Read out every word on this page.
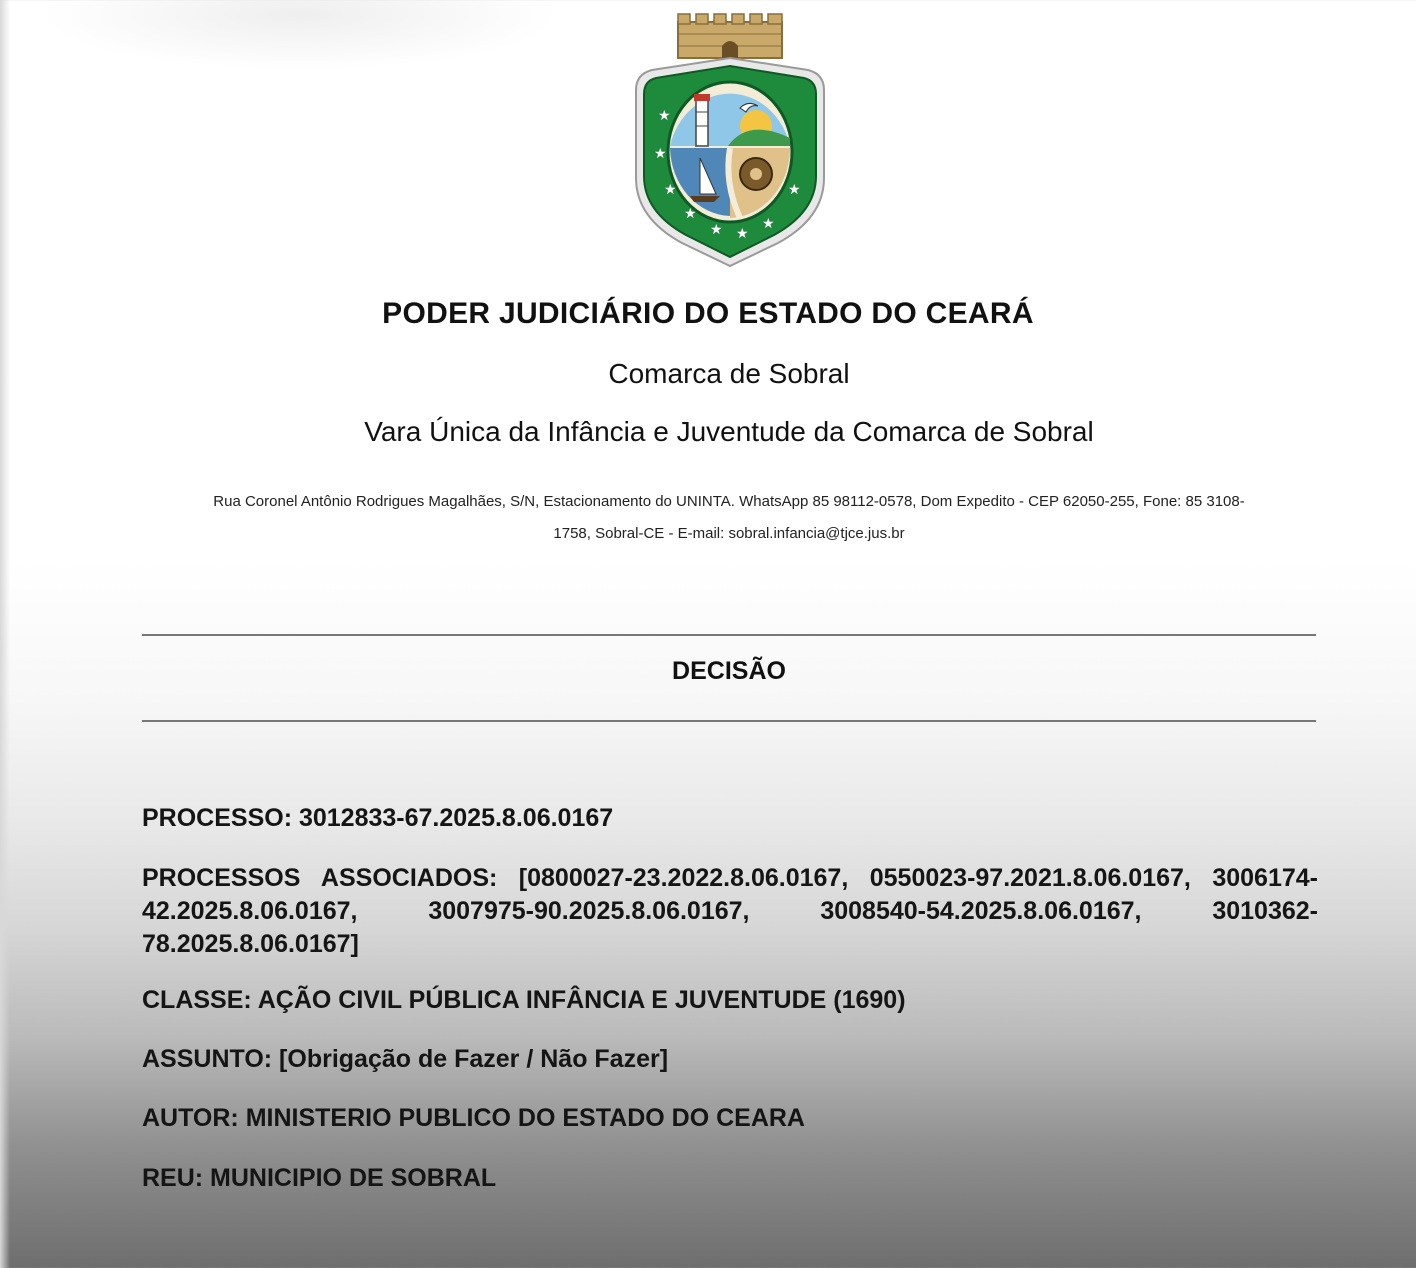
★
★
★
★
★ ★
★
★
PODER JUDICIÁRIO DO ESTADO DO CEARÁ
Comarca de Sobral
Vara Única da Infância e Juventude da Comarca de Sobral
Rua Coronel Antônio Rodrigues Magalhães, S/N, Estacionamento do UNINTA. WhatsApp 85 98112-0578, Dom Expedito - CEP 62050-255, Fone: 85 3108-
1758, Sobral-CE - E-mail: sobral.infancia@tjce.jus.br
DECISÃO
PROCESSO: 3012833-67.2025.8.06.0167
PROCESSOS ASSOCIADOS: [0800027-23.2022.8.06.0167, 0550023-97.2021.8.06.0167, 3006174-42.2025.8.06.0167, 3007975-90.2025.8.06.0167, 3008540-54.2025.8.06.0167, 3010362-78.2025.8.06.0167]
CLASSE: AÇÃO CIVIL PÚBLICA INFÂNCIA E JUVENTUDE (1690)
ASSUNTO: [Obrigação de Fazer / Não Fazer]
AUTOR: MINISTERIO PUBLICO DO ESTADO DO CEARA
REU: MUNICIPIO DE SOBRAL
